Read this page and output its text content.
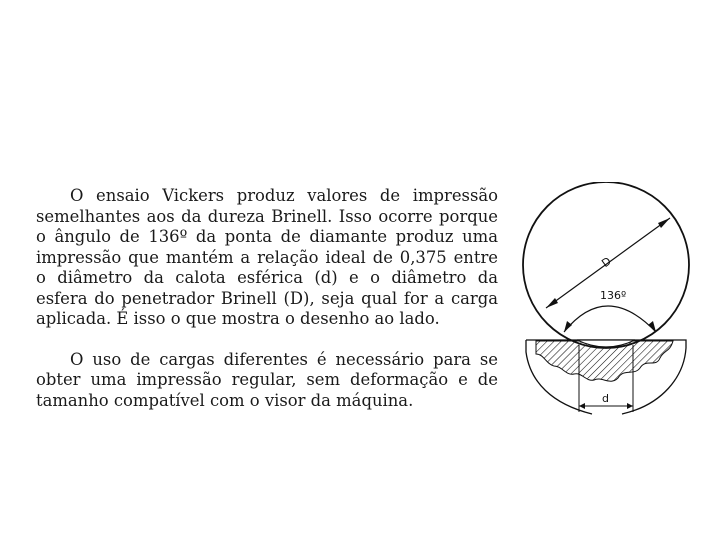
O ensaio Vickers produz valores de impressão semelhantes aos da dureza Brinell. Isso ocorre porque o ângulo de 136º da ponta de diamante produz uma impressão que mantém a relação ideal de 0,375 entre o diâmetro da calota esférica (d) e o diâmetro da esfera do penetrador Brinell (D), seja qual for a carga aplicada. É isso o que mostra o desenho ao lado.

O uso de cargas diferentes é necessário para se obter uma impressão regular, sem deformação e de tamanho compatível com o visor da máquina.

D
136º
d
